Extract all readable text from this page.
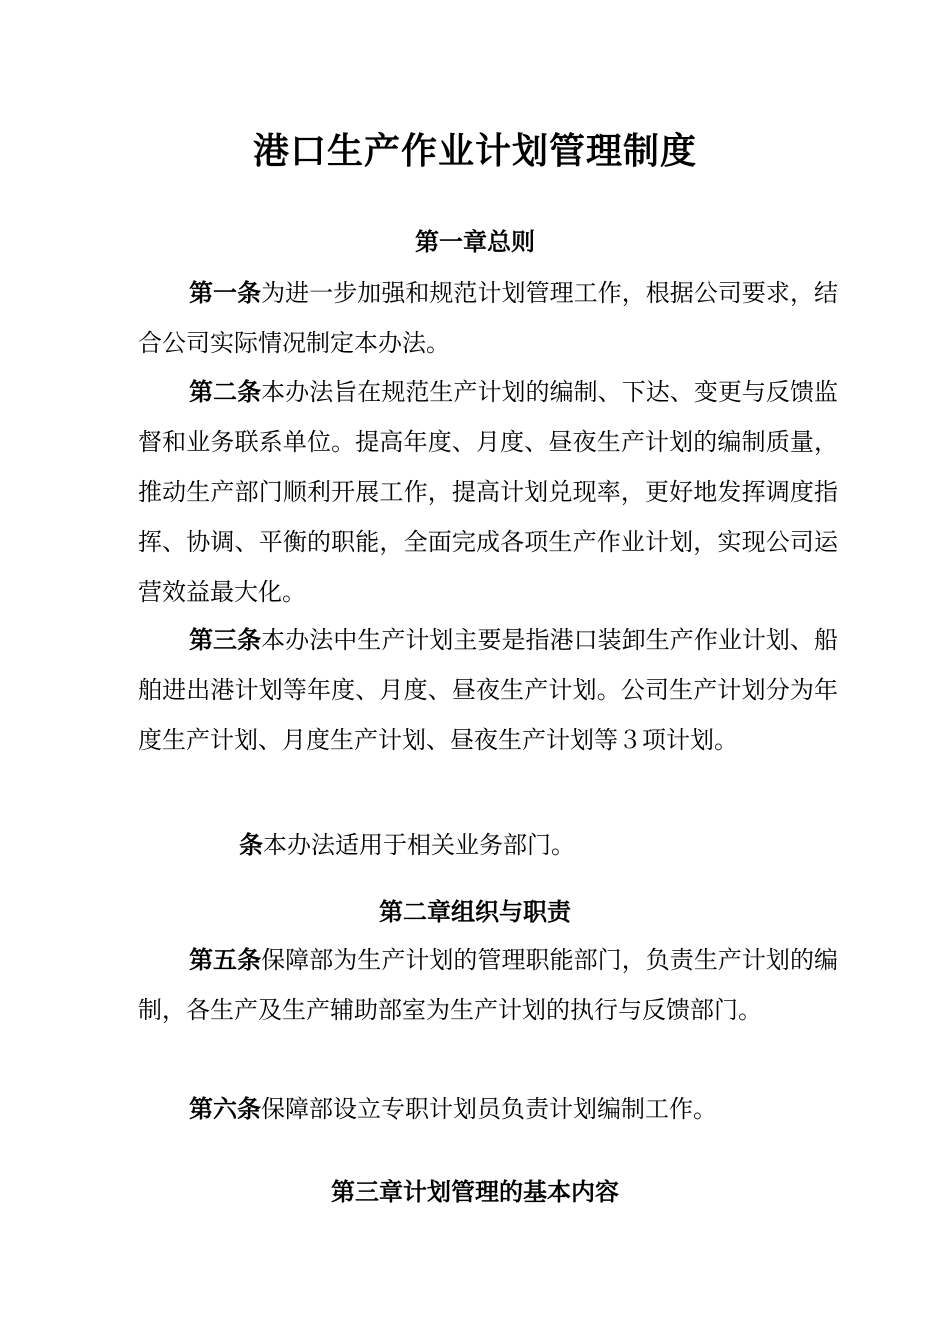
港口生产作业计划管理制度
第一章总则

第一条为进一步加强和规范计划管理工作，根据公司要求，结合公司实际情况制定本办法。

第二条本办法旨在规范生产计划的编制、下达、变更与反馈监督和业务联系单位。提高年度、月度、昼夜生产计划的编制质量，推动生产部门顺利开展工作，提高计划兑现率，更好地发挥调度指挥、协调、平衡的职能，全面完成各项生产作业计划，实现公司运营效益最大化。

第三条本办法中生产计划主要是指港口装卸生产作业计划、船舶进出港计划等年度、月度、昼夜生产计划。公司生产计划分为年度生产计划、月度生产计划、昼夜生产计划等３项计划。

条本办法适用于相关业务部门。

第二章组织与职责

第五条保障部为生产计划的管理职能部门，负责生产计划的编制，各生产及生产辅助部室为生产计划的执行与反馈部门。

第六条保障部设立专职计划员负责计划编制工作。

第三章计划管理的基本内容
